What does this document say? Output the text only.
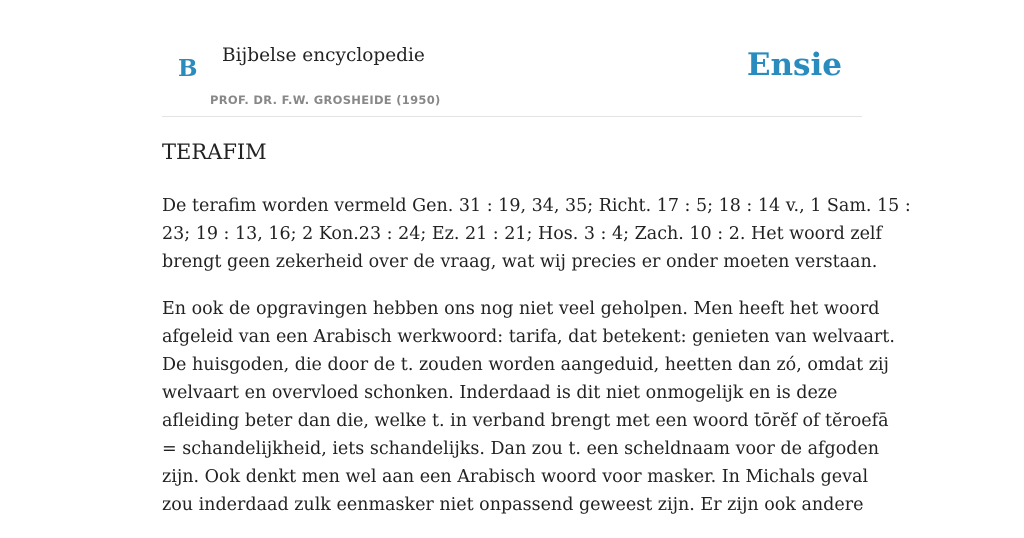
B Bijbelse encyclopedie
PROF. DR. F.W. GROSHEIDE (1950)
Ensie
TERAFIM

De terafim worden vermeld Gen. 31 : 19, 34, 35; Richt. 17 : 5; 18 : 14 v., 1 Sam. 15 :
23; 19 : 13, 16; 2 Kon.23 : 24; Ez. 21 : 21; Hos. 3 : 4; Zach. 10 : 2. Het woord zelf
brengt geen zekerheid over de vraag, wat wij precies er onder moeten verstaan.

En ook de opgravingen hebben ons nog niet veel geholpen. Men heeft het woord
afgeleid van een Arabisch werkwoord: tarifa, dat betekent: genieten van welvaart.
De huisgoden, die door de t. zouden worden aangeduid, heetten dan zó, omdat zij
welvaart en overvloed schonken. Inderdaad is dit niet onmogelijk en is deze
afleiding beter dan die, welke t. in verband brengt met een woord tōrĕf of tĕroefā
= schandelijkheid, iets schandelijks. Dan zou t. een scheldnaam voor de afgoden
zijn. Ook denkt men wel aan een Arabisch woord voor masker. In Michals geval
zou inderdaad zulk eenmasker niet onpassend geweest zijn. Er zijn ook andere
